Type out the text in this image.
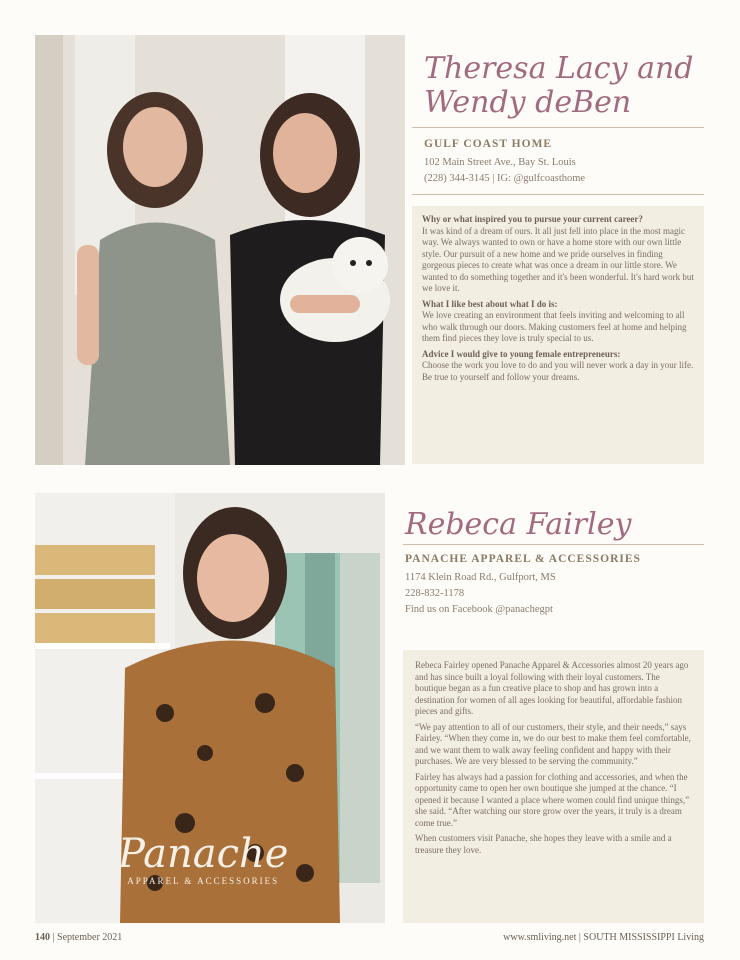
Theresa Lacy and
Wendy deBen
GULF COAST HOME
102 Main Street Ave., Bay St. Louis
(228) 344-3145 | IG: @gulfcoasthome

Why or what inspired you to pursue your current career?
It was kind of a dream of ours. It all just fell into place in the most magic way. We always wanted to own or have a home store with our own little style. Our pursuit of a new home and we pride ourselves in finding gorgeous pieces to create what was once a dream in our little store. We wanted to do something together and it's been wonderful. It's hard work but we love it.

What I like best about what I do is:
We love creating an environment that feels inviting and welcoming to all who walk through our doors. Making customers feel at home and helping them find pieces they love is truly special to us.

Advice I would give to young female entrepreneurs:
Choose the work you love to do and you will never work a day in your life. Be true to yourself and follow your dreams.

Panache
APPAREL & ACCESSORIES
Rebeca Fairley
PANACHE APPAREL & ACCESSORIES
1174 Klein Road Rd., Gulfport, MS
228-832-1178
Find us on Facebook @panachegpt

Rebeca Fairley opened Panache Apparel & Accessories almost 20 years ago and has since built a loyal following with their loyal customers. The boutique began as a fun creative place to shop and has grown into a destination for women of all ages looking for beautiful, affordable fashion pieces and gifts.

“We pay attention to all of our customers, their style, and their needs,” says Fairley. “When they come in, we do our best to make them feel comfortable, and we want them to walk away feeling confident and happy with their purchases. We are very blessed to be serving the community.”

Fairley has always had a passion for clothing and accessories, and when the opportunity came to open her own boutique she jumped at the chance. “I opened it because I wanted a place where women could find unique things,” she said. “After watching our store grow over the years, it truly is a dream come true.”

When customers visit Panache, she hopes they leave with a smile and a treasure they love.

140 | September 2021	www.smliving.net | SOUTH MISSISSIPPI Living
